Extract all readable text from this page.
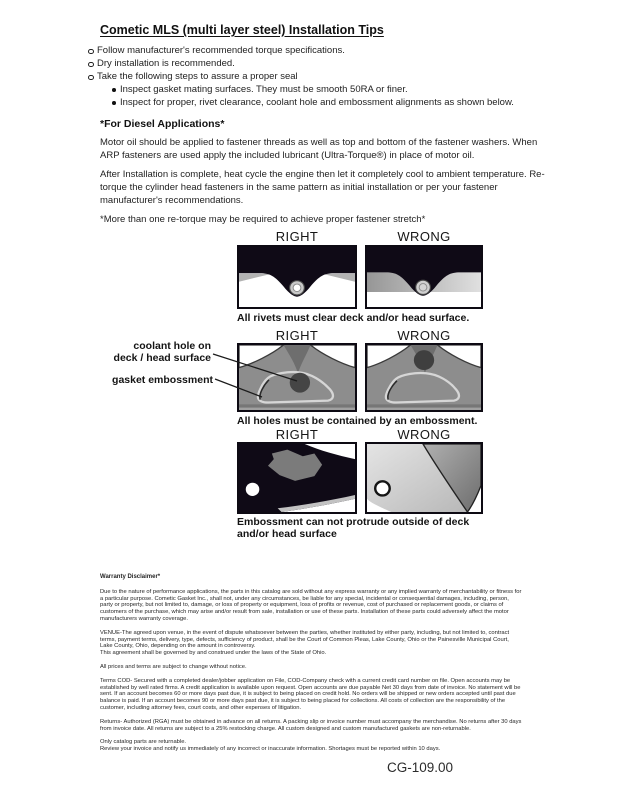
Cometic MLS (multi layer steel) Installation Tips
Follow manufacturer's recommended torque specifications.
Dry installation is recommended.
Take the following steps to assure a proper seal
Inspect gasket mating surfaces. They must be smooth 50RA or finer.
Inspect for proper, rivet clearance, coolant hole and embossment alignments as shown below.
*For Diesel Applications*

Motor oil should be applied to fastener threads as well as top and bottom of the fastener washers. When ARP fasteners are used apply the included lubricant (Ultra-Torque®) in place of motor oil.

After Installation is complete, heat cycle the engine then let it completely cool to ambient temperature. Re-torque the cylinder head fasteners in the same pattern as initial installation or per your fastener manufacturer's recommendations.

*More than one re-torque may be required to achieve proper fastener stretch*

RIGHT	WRONG
All rivets must clear deck and/or head surface.
RIGHT	WRONG
coolant hole on
deck / head surface
gasket embossment
All holes must be contained by an embossment.
RIGHT	WRONG
Embossment can not protrude outside of deck
and/or head surface

Warranty Disclaimer*

Due to the nature of performance applications, the parts in this catalog are sold without any express warranty or any implied warranty of merchantability or fitness for a particular purpose. Cometic Gasket Inc., shall not, under any circumstances, be liable for any special, incidental or consequential damages, including, person, party or property, but not limited to, damage, or loss of property or equipment, loss of profits or revenue, cost of purchased or replacement goods, or claims of customers of the purchase, which may arise and/or result from sale, installation or use of these parts. Installation of these parts could adversely affect the motor manufacturers warranty coverage.

VENUE-The agreed upon venue, in the event of dispute whatsoever between the parties, whether instituted by either party, including, but not limited to, contract terms, payment terms, delivery, type, defects, sufficiency of product, shall be the Court of Common Pleas, Lake County, Ohio or the Painesville Municipal Court, Lake County, Ohio, depending on the amount in controversy.

This agreement shall be governed by and construed under the laws of the State of Ohio.

All prices and terms are subject to change without notice.

Terms COD- Secured with a completed dealer/jobber application on File, COD-Company check with a current credit card number on file. Open accounts may be established by well rated firms. A credit application is available upon request. Open accounts are due payable Net 30 days from date of invoice. No statement will be sent. If an account becomes 60 or more days past due, it is subject to being placed on credit hold. No orders will be shipped or new orders accepted until past due balance is paid. If an account becomes 90 or more days past due, it is subject to being placed for collections. All costs of collection are the responsibility of the customer, including attorney fees, court costs, and other expenses of litigation.

Returns- Authorized (RGA) must be obtained in advance on all returns. A packing slip or invoice number must accompany the merchandise. No returns after 30 days from invoice date. All returns are subject to a 25% restocking charge. All custom designed and custom manufactured gaskets are non-returnable.

Only catalog parts are returnable.

Review your invoice and notify us immediately of any incorrect or inaccurate information. Shortages must be reported within 10 days.

CG-109.00
